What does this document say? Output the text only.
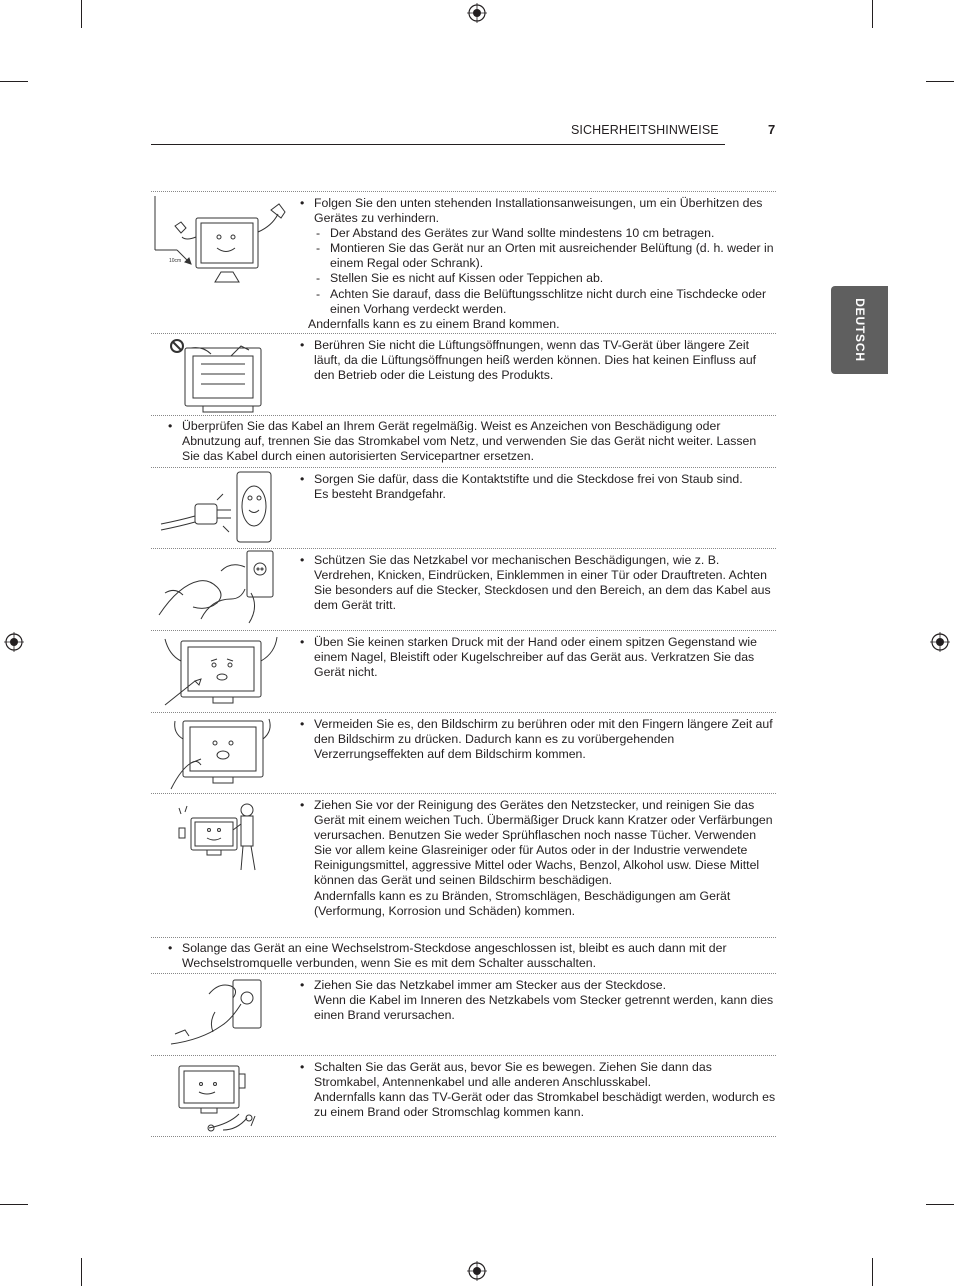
SICHERHEITSHINWEISE	7
DEUTSCH
10cm
• Folgen Sie den unten stehenden Installationsanweisungen, um ein Überhitzen des Gerätes zu verhindern.
- Der Abstand des Gerätes zur Wand sollte mindestens 10 cm betragen.
- Montieren Sie das Gerät nur an Orten mit ausreichender Belüftung (d. h. weder in einem Regal oder Schrank).
- Stellen Sie es nicht auf Kissen oder Teppichen ab.
- Achten Sie darauf, dass die Belüftungsschlitze nicht durch eine Tischdecke oder einen Vorhang verdeckt werden.
Andernfalls kann es zu einem Brand kommen.
• Berühren Sie nicht die Lüftungsöffnungen, wenn das TV-Gerät über längere Zeit läuft, da die Lüftungsöffnungen heiß werden können. Dies hat keinen Einfluss auf den Betrieb oder die Leistung des Produkts.
• Überprüfen Sie das Kabel an Ihrem Gerät regelmäßig. Weist es Anzeichen von Beschädigung oder Abnutzung auf, trennen Sie das Stromkabel vom Netz, und verwenden Sie das Gerät nicht weiter. Lassen Sie das Kabel durch einen autorisierten Servicepartner ersetzen.
• Sorgen Sie dafür, dass die Kontaktstifte und die Steckdose frei von Staub sind.
Es besteht Brandgefahr.
• Schützen Sie das Netzkabel vor mechanischen Beschädigungen, wie z. B. Verdrehen, Knicken, Eindrücken, Einklemmen in einer Tür oder Drauftreten. Achten Sie besonders auf die Stecker, Steckdosen und den Bereich, an dem das Kabel aus dem Gerät tritt.
• Üben Sie keinen starken Druck mit der Hand oder einem spitzen Gegenstand wie einem Nagel, Bleistift oder Kugelschreiber auf das Gerät aus. Verkratzen Sie das Gerät nicht.
• Vermeiden Sie es, den Bildschirm zu berühren oder mit den Fingern längere Zeit auf den Bildschirm zu drücken. Dadurch kann es zu vorübergehenden Verzerrungseffekten auf dem Bildschirm kommen.
• Ziehen Sie vor der Reinigung des Gerätes den Netzstecker, und reinigen Sie das Gerät mit einem weichen Tuch. Übermäßiger Druck kann Kratzer oder Verfärbungen verursachen. Benutzen Sie weder Sprühflaschen noch nasse Tücher. Verwenden Sie vor allem keine Glasreiniger oder für Autos oder in der Industrie verwendete Reinigungsmittel, aggressive Mittel oder Wachs, Benzol, Alkohol usw. Diese Mittel können das Gerät und seinen Bildschirm beschädigen.
Andernfalls kann es zu Bränden, Stromschlägen, Beschädigungen am Gerät (Verformung, Korrosion und Schäden) kommen.
• Solange das Gerät an eine Wechselstrom-Steckdose angeschlossen ist, bleibt es auch dann mit der Wechselstromquelle verbunden, wenn Sie es mit dem Schalter ausschalten.
• Ziehen Sie das Netzkabel immer am Stecker aus der Steckdose.
Wenn die Kabel im Inneren des Netzkabels vom Stecker getrennt werden, kann dies einen Brand verursachen.
• Schalten Sie das Gerät aus, bevor Sie es bewegen. Ziehen Sie dann das Stromkabel, Antennenkabel und alle anderen Anschlusskabel.
Andernfalls kann das TV-Gerät oder das Stromkabel beschädigt werden, wodurch es zu einem Brand oder Stromschlag kommen kann.
